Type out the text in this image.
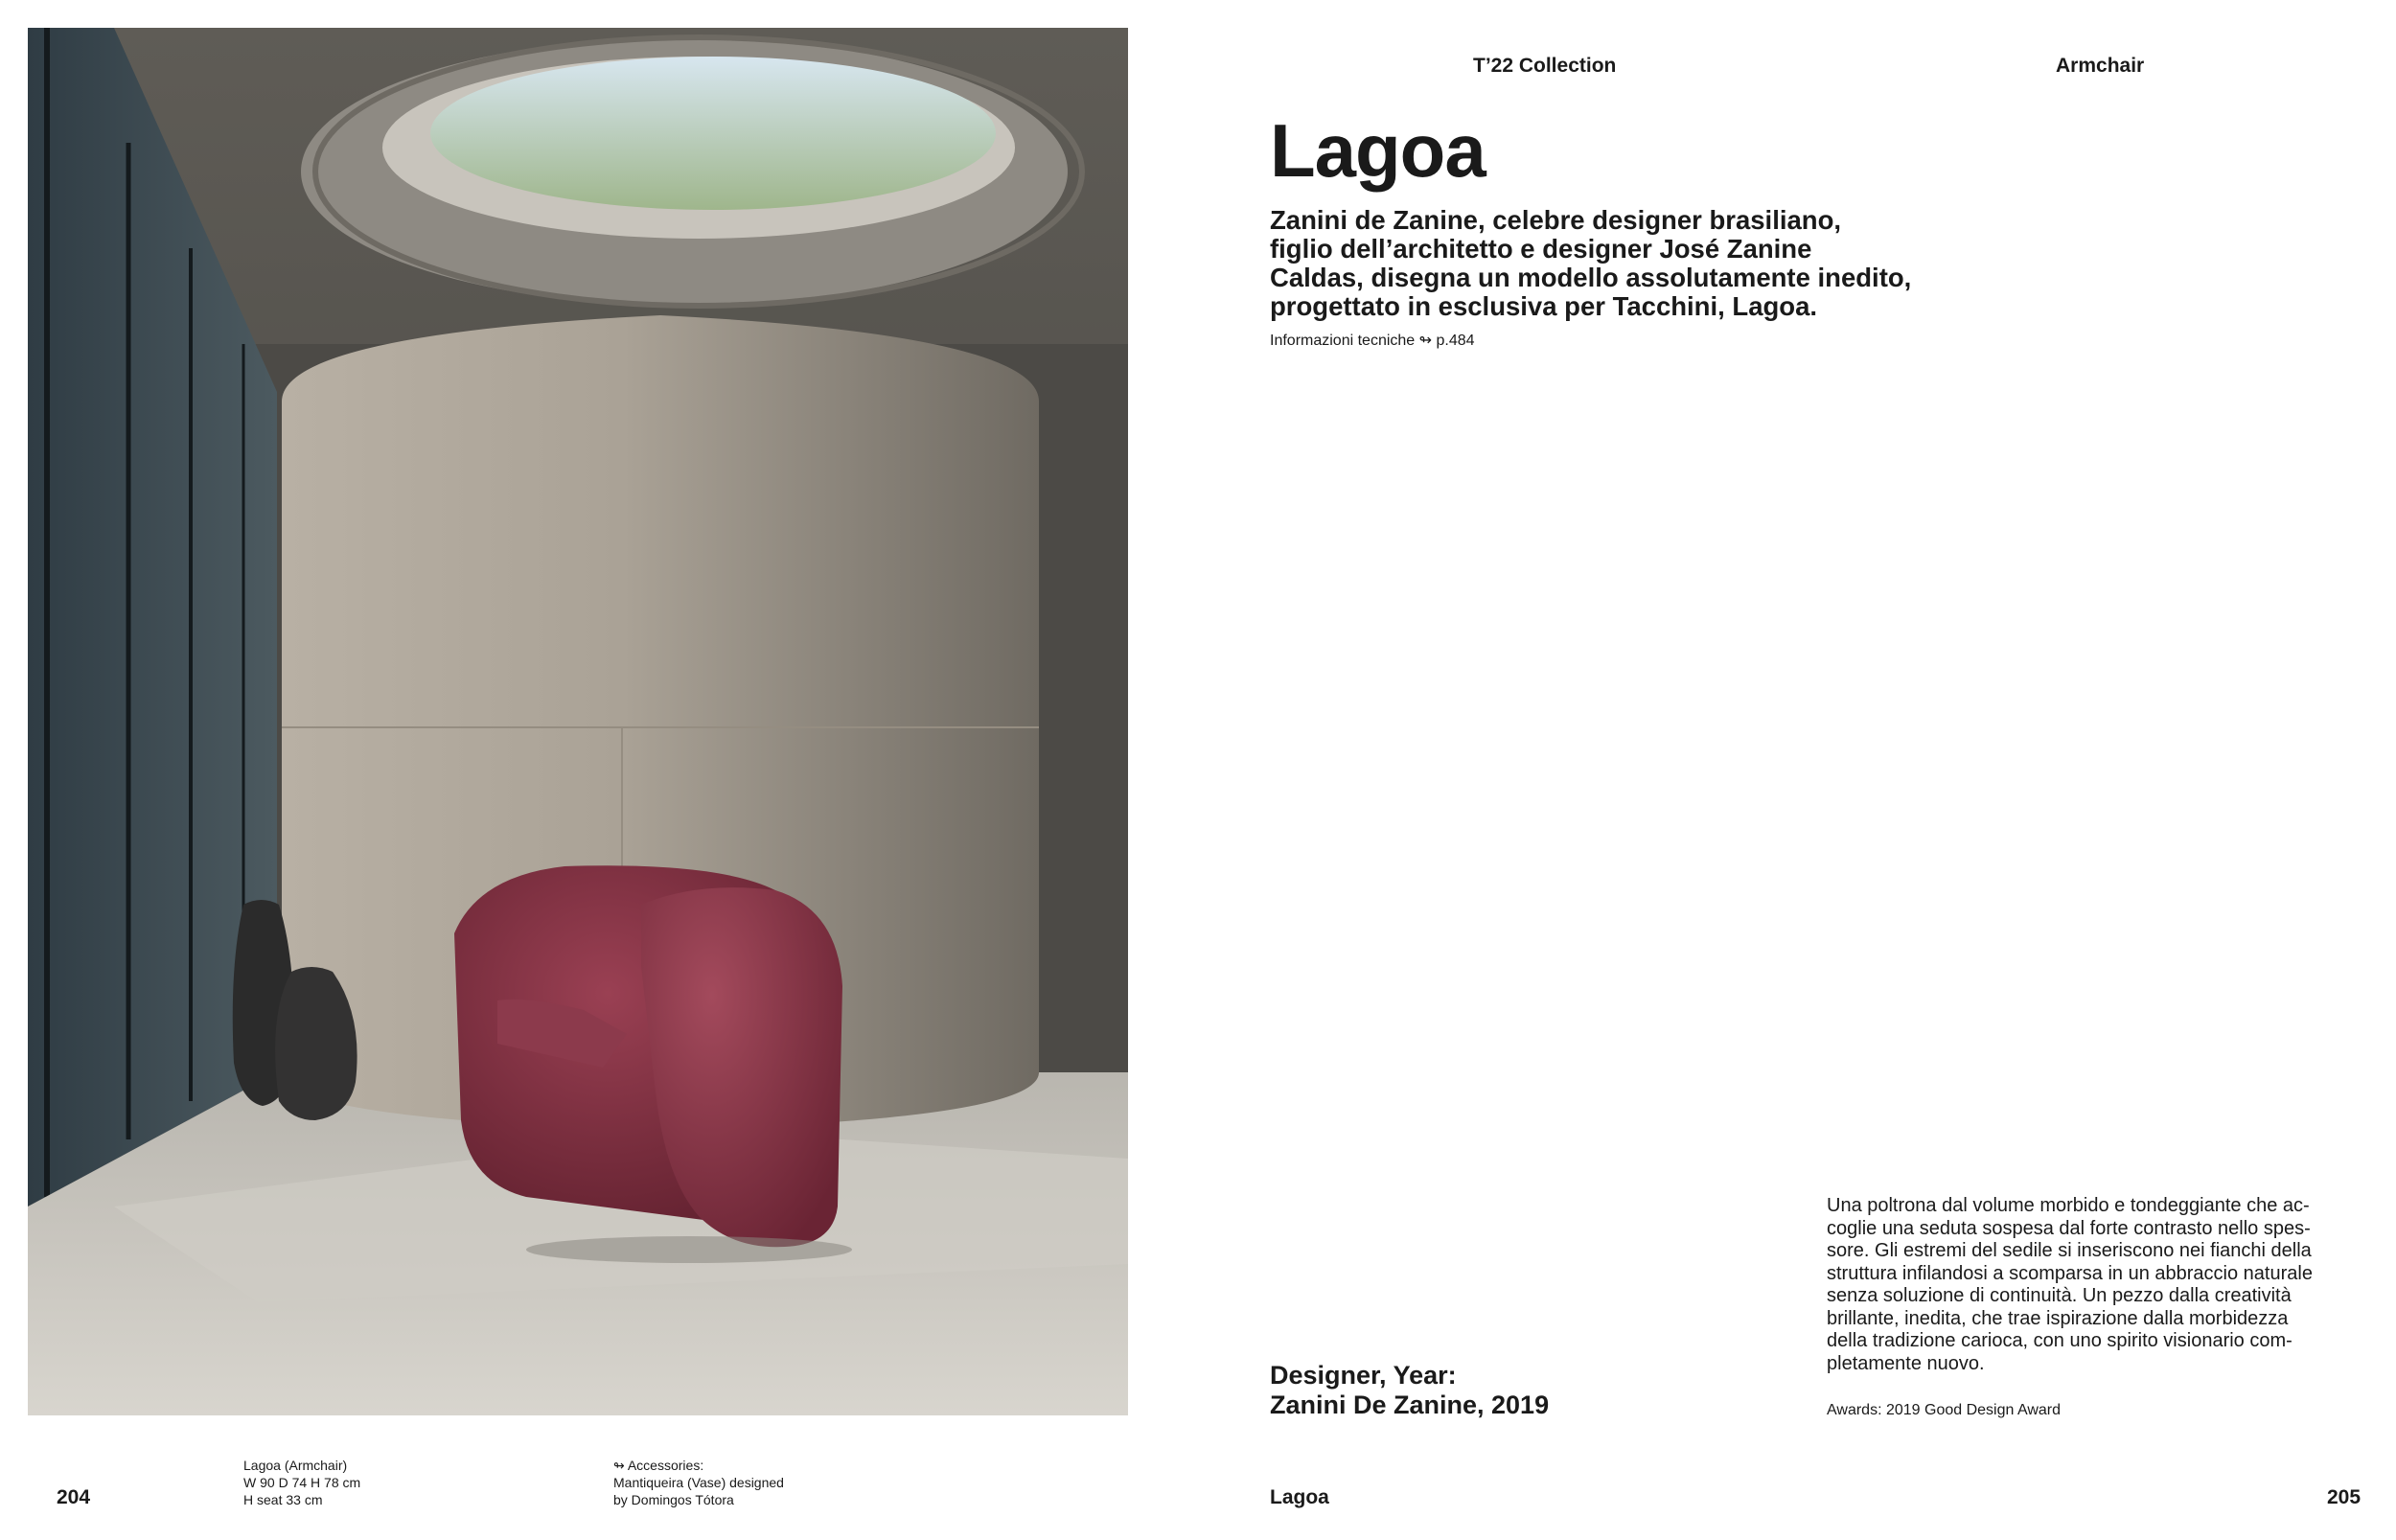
204
Lagoa (Armchair)
W 90 D 74 H 78 cm
H seat 33 cm
↬ Accessories:
Mantiqueira (Vase) designed
by Domingos Tótora
T’22 Collection	Armchair
Lagoa
Zanini de Zanine, celebre designer brasiliano,
figlio dell’architetto e designer José Zanine
Caldas, disegna un modello assolutamente inedito,
progettato in esclusiva per Tacchini, Lagoa.
Informazioni tecniche ↬ p.484
Una poltrona dal volume morbido e tondeggiante che ac-
coglie una seduta sospesa dal forte contrasto nello spes-
sore. Gli estremi del sedile si inseriscono nei fianchi della
struttura infilandosi a scomparsa in un abbraccio naturale
senza soluzione di continuità. Un pezzo dalla creatività
brillante, inedita, che trae ispirazione dalla morbidezza
della tradizione carioca, con uno spirito visionario com-
pletamente nuovo.
Designer, Year:
Zanini De Zanine, 2019	Awards: 2019 Good Design Award
Lagoa	205
